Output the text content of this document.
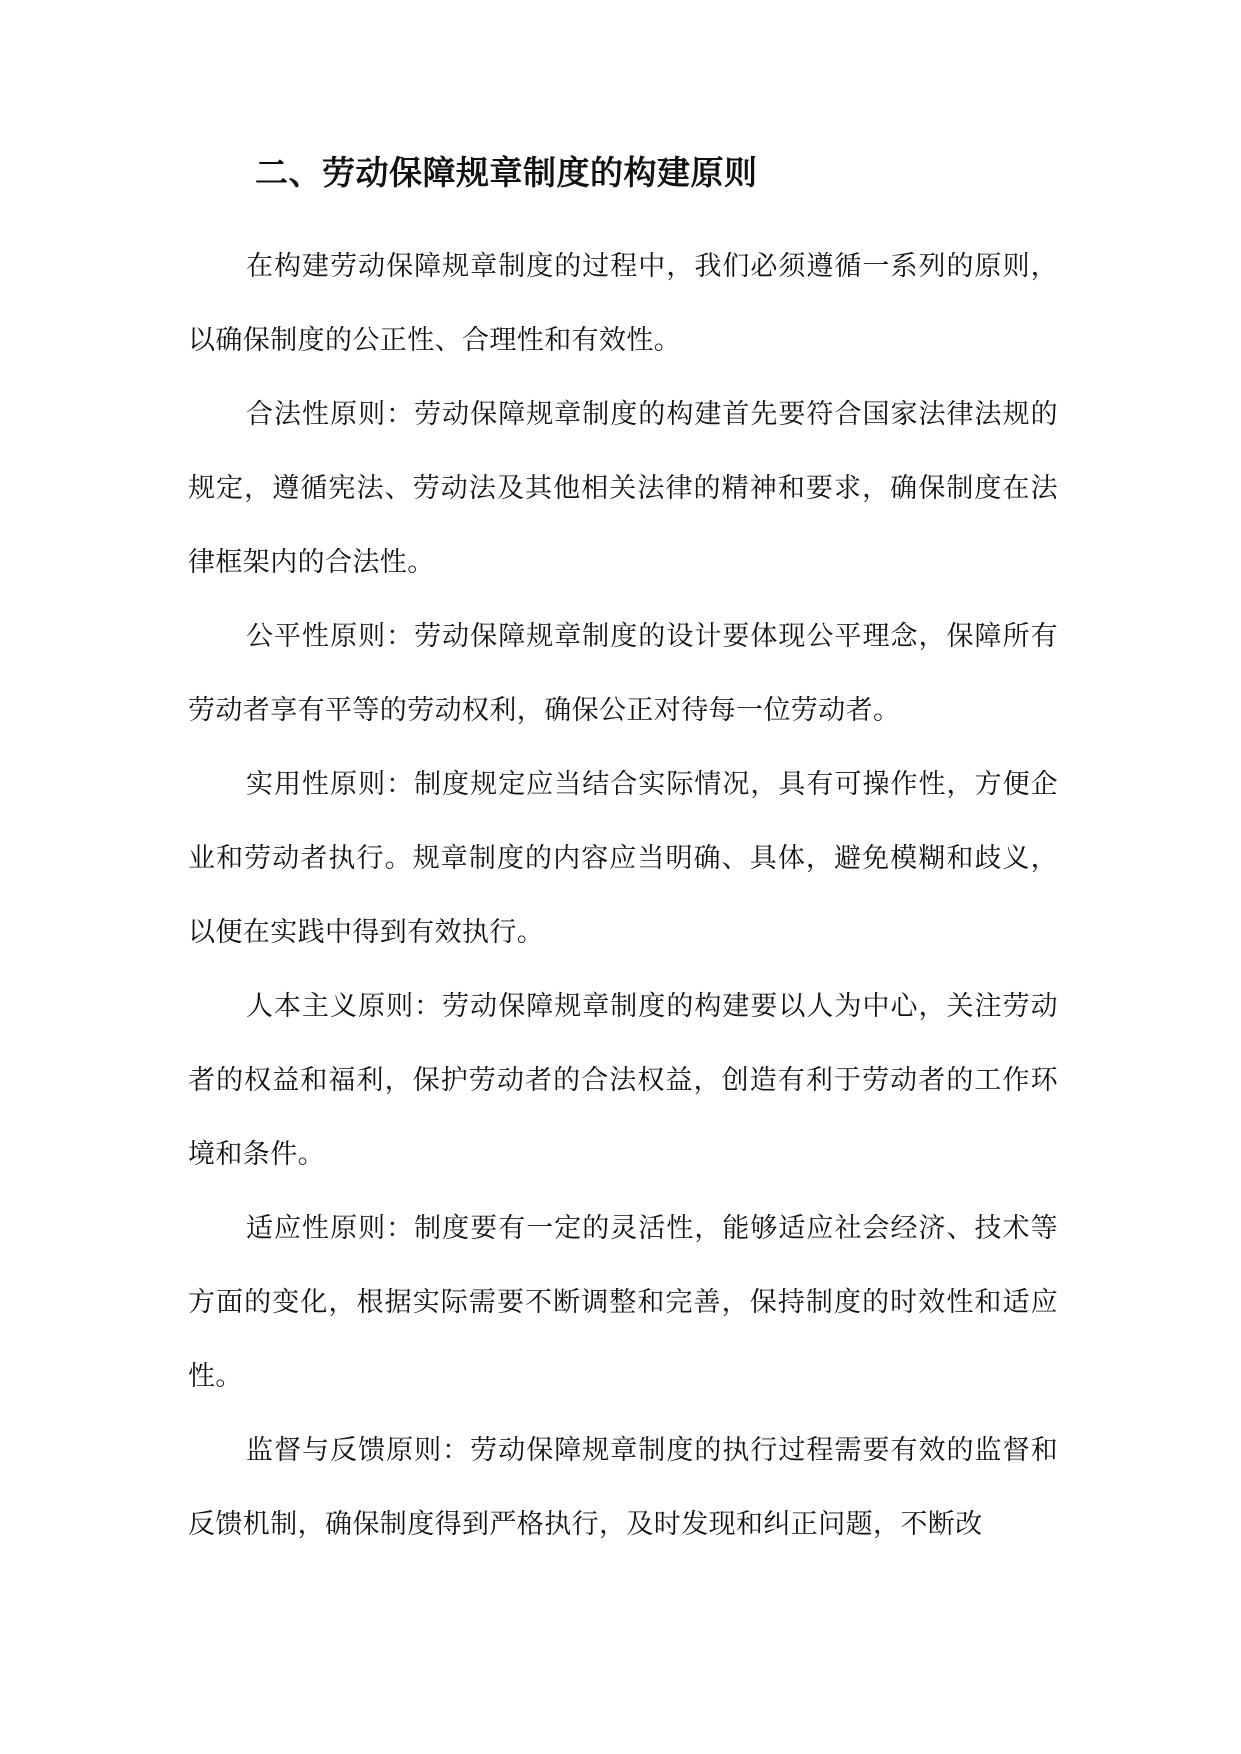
二、劳动保障规章制度的构建原则

在构建劳动保障规章制度的过程中，我们必须遵循一系列的原则，以确保制度的公正性、合理性和有效性。

合法性原则：劳动保障规章制度的构建首先要符合国家法律法规的规定，遵循宪法、劳动法及其他相关法律的精神和要求，确保制度在法律框架内的合法性。

公平性原则：劳动保障规章制度的设计要体现公平理念，保障所有劳动者享有平等的劳动权利，确保公正对待每一位劳动者。

实用性原则：制度规定应当结合实际情况，具有可操作性，方便企业和劳动者执行。规章制度的内容应当明确、具体，避免模糊和歧义，以便在实践中得到有效执行。

人本主义原则：劳动保障规章制度的构建要以人为中心，关注劳动者的权益和福利，保护劳动者的合法权益，创造有利于劳动者的工作环境和条件。

适应性原则：制度要有一定的灵活性，能够适应社会经济、技术等方面的变化，根据实际需要不断调整和完善，保持制度的时效性和适应性。

监督与反馈原则：劳动保障规章制度的执行过程需要有效的监督和反馈机制，确保制度得到严格执行，及时发现和纠正问题，不断改
